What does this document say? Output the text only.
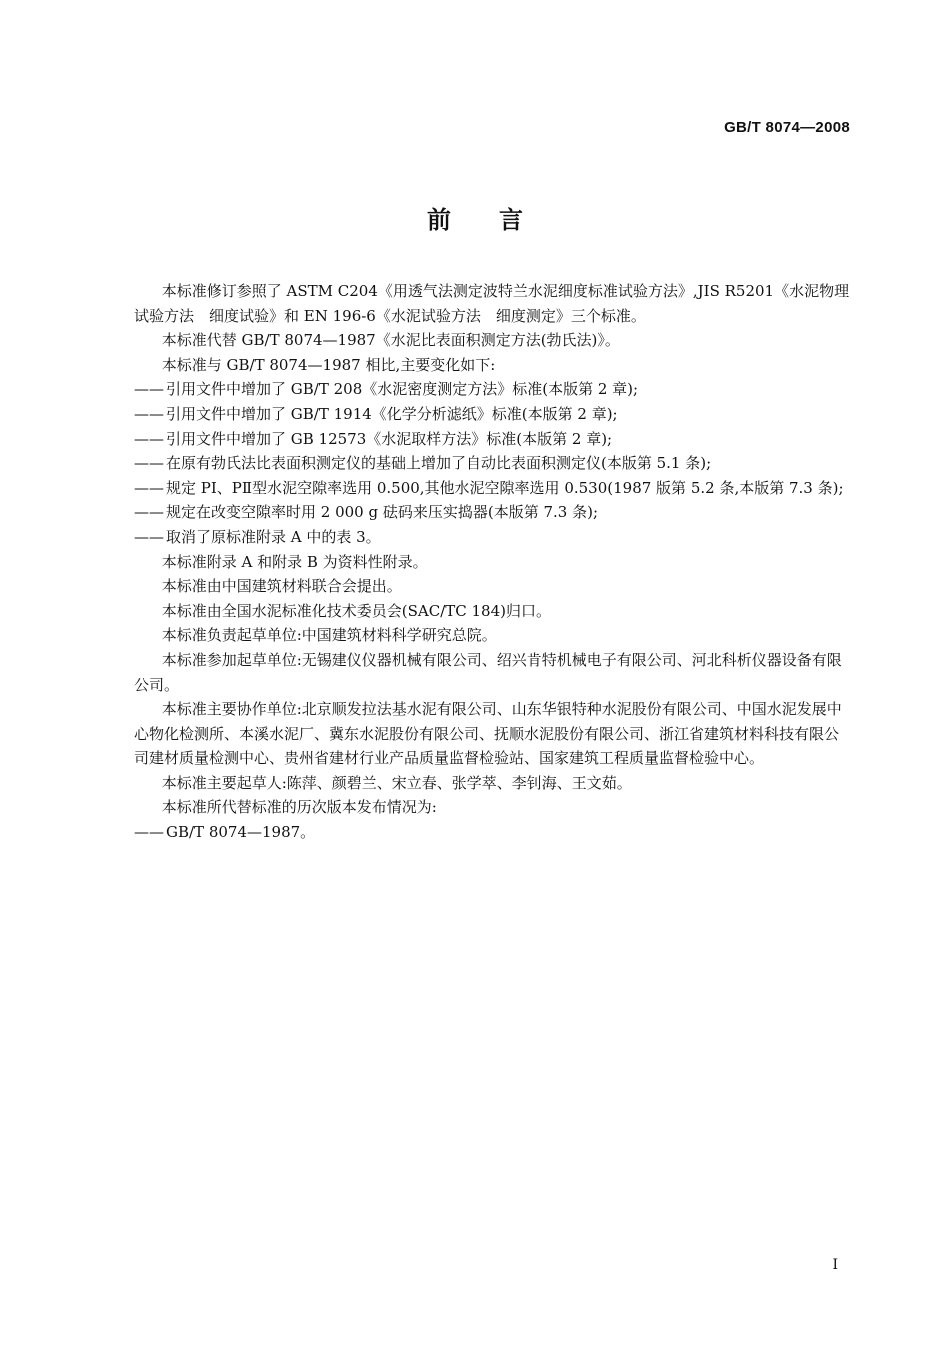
GB/T 8074—2008
前 言

本标准修订参照了 ASTM C204《用透气法测定波特兰水泥细度标准试验方法》,JIS R5201《水泥物理试验方法　细度试验》和 EN 196-6《水泥试验方法　细度测定》三个标准。

本标准代替 GB/T 8074—1987《水泥比表面积测定方法(勃氏法)》。

本标准与 GB/T 8074—1987 相比,主要变化如下:

—— 引用文件中增加了 GB/T 208《水泥密度测定方法》标准(本版第 2 章);

—— 引用文件中增加了 GB/T 1914《化学分析滤纸》标准(本版第 2 章);

—— 引用文件中增加了 GB 12573《水泥取样方法》标准(本版第 2 章);

—— 在原有勃氏法比表面积测定仪的基础上增加了自动比表面积测定仪(本版第 5.1 条);

—— 规定 PⅠ、PⅡ型水泥空隙率选用 0.500,其他水泥空隙率选用 0.530(1987 版第 5.2 条,本版第 7.3 条);

—— 规定在改变空隙率时用 2 000 g 砝码来压实捣器(本版第 7.3 条);

—— 取消了原标准附录 A 中的表 3。

本标准附录 A 和附录 B 为资料性附录。

本标准由中国建筑材料联合会提出。

本标准由全国水泥标准化技术委员会(SAC/TC 184)归口。

本标准负责起草单位:中国建筑材料科学研究总院。

本标准参加起草单位:无锡建仪仪器机械有限公司、绍兴肯特机械电子有限公司、河北科析仪器设备有限公司。

本标准主要协作单位:北京顺发拉法基水泥有限公司、山东华银特种水泥股份有限公司、中国水泥发展中心物化检测所、本溪水泥厂、冀东水泥股份有限公司、抚顺水泥股份有限公司、浙江省建筑材料科技有限公司建材质量检测中心、贵州省建材行业产品质量监督检验站、国家建筑工程质量监督检验中心。

本标准主要起草人:陈萍、颜碧兰、宋立春、张学萃、李钊海、王文茹。

本标准所代替标准的历次版本发布情况为:

—— GB/T 8074—1987。

I
